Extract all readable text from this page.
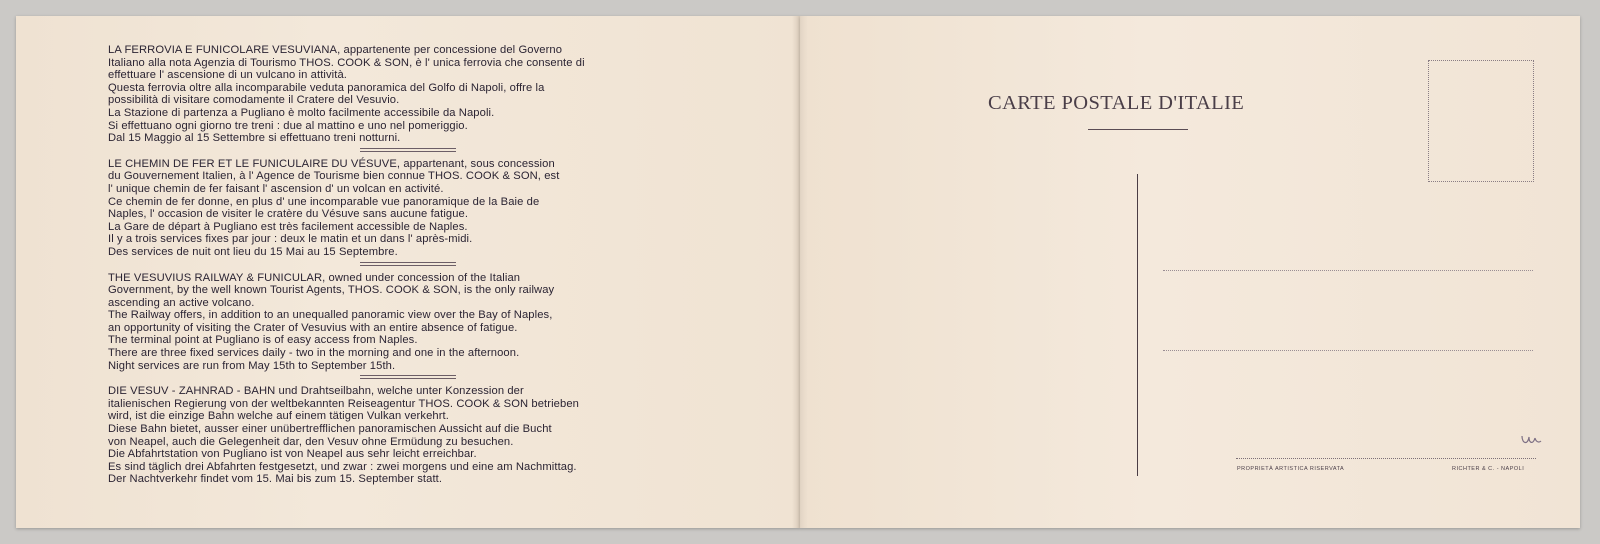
LA FERROVIA E FUNICOLARE VESUVIANA, appartenente per concessione del Governo
Italiano alla nota Agenzia di Tourismo THOS. COOK & SON, è l' unica ferrovia che consente di
effettuare l' ascensione di un vulcano in attività.
Questa ferrovia oltre alla incomparabile veduta panoramica del Golfo di Napoli, offre la
possibilità di visitare comodamente il Cratere del Vesuvio.
La Stazione di partenza a Pugliano è molto facilmente accessibile da Napoli.
Si effettuano ogni giorno tre treni : due al mattino e uno nel pomeriggio.
Dal 15 Maggio al 15 Settembre si effettuano treni notturni.
LE CHEMIN DE FER ET LE FUNICULAIRE DU VÉSUVE, appartenant, sous concession
du Gouvernement Italien, à l' Agence de Tourisme bien connue THOS. COOK & SON, est
l' unique chemin de fer faisant l' ascension d' un volcan en activité.
Ce chemin de fer donne, en plus d' une incomparable vue panoramique de la Baie de
Naples, l' occasion de visiter le cratère du Vésuve sans aucune fatigue.
La Gare de départ à Pugliano est très facilement accessible de Naples.
Il y a trois services fixes par jour : deux le matin et un dans l' après-midi.
Des services de nuit ont lieu du 15 Mai au 15 Septembre.
THE VESUVIUS RAILWAY & FUNICULAR, owned under concession of the Italian
Government, by the well known Tourist Agents, THOS. COOK & SON, is the only railway
ascending an active volcano.
The Railway offers, in addition to an unequalled panoramic view over the Bay of Naples,
an opportunity of visiting the Crater of Vesuvius with an entire absence of fatigue.
The terminal point at Pugliano is of easy access from Naples.
There are three fixed services daily - two in the morning and one in the afternoon.
Night services are run from May 15th to September 15th.
DIE VESUV - ZAHNRAD - BAHN und Drahtseilbahn, welche unter Konzession der
italienischen Regierung von der weltbekannten Reiseagentur THOS. COOK & SON betrieben
wird, ist die einzige Bahn welche auf einem tätigen Vulkan verkehrt.
Diese Bahn bietet, ausser einer unübertrefflichen panoramischen Aussicht auf die Bucht
von Neapel, auch die Gelegenheit dar, den Vesuv ohne Ermüdung zu besuchen.
Die Abfahrtstation von Pugliano ist von Neapel aus sehr leicht erreichbar.
Es sind täglich drei Abfahrten festgesetzt, und zwar : zwei morgens und eine am Nachmittag.
Der Nachtverkehr findet vom 15. Mai bis zum 15. September statt.
CARTE POSTALE D'ITALIE
PROPRIETÀ ARTISTICA RISERVATA	RICHTER & C. - NAPOLI
